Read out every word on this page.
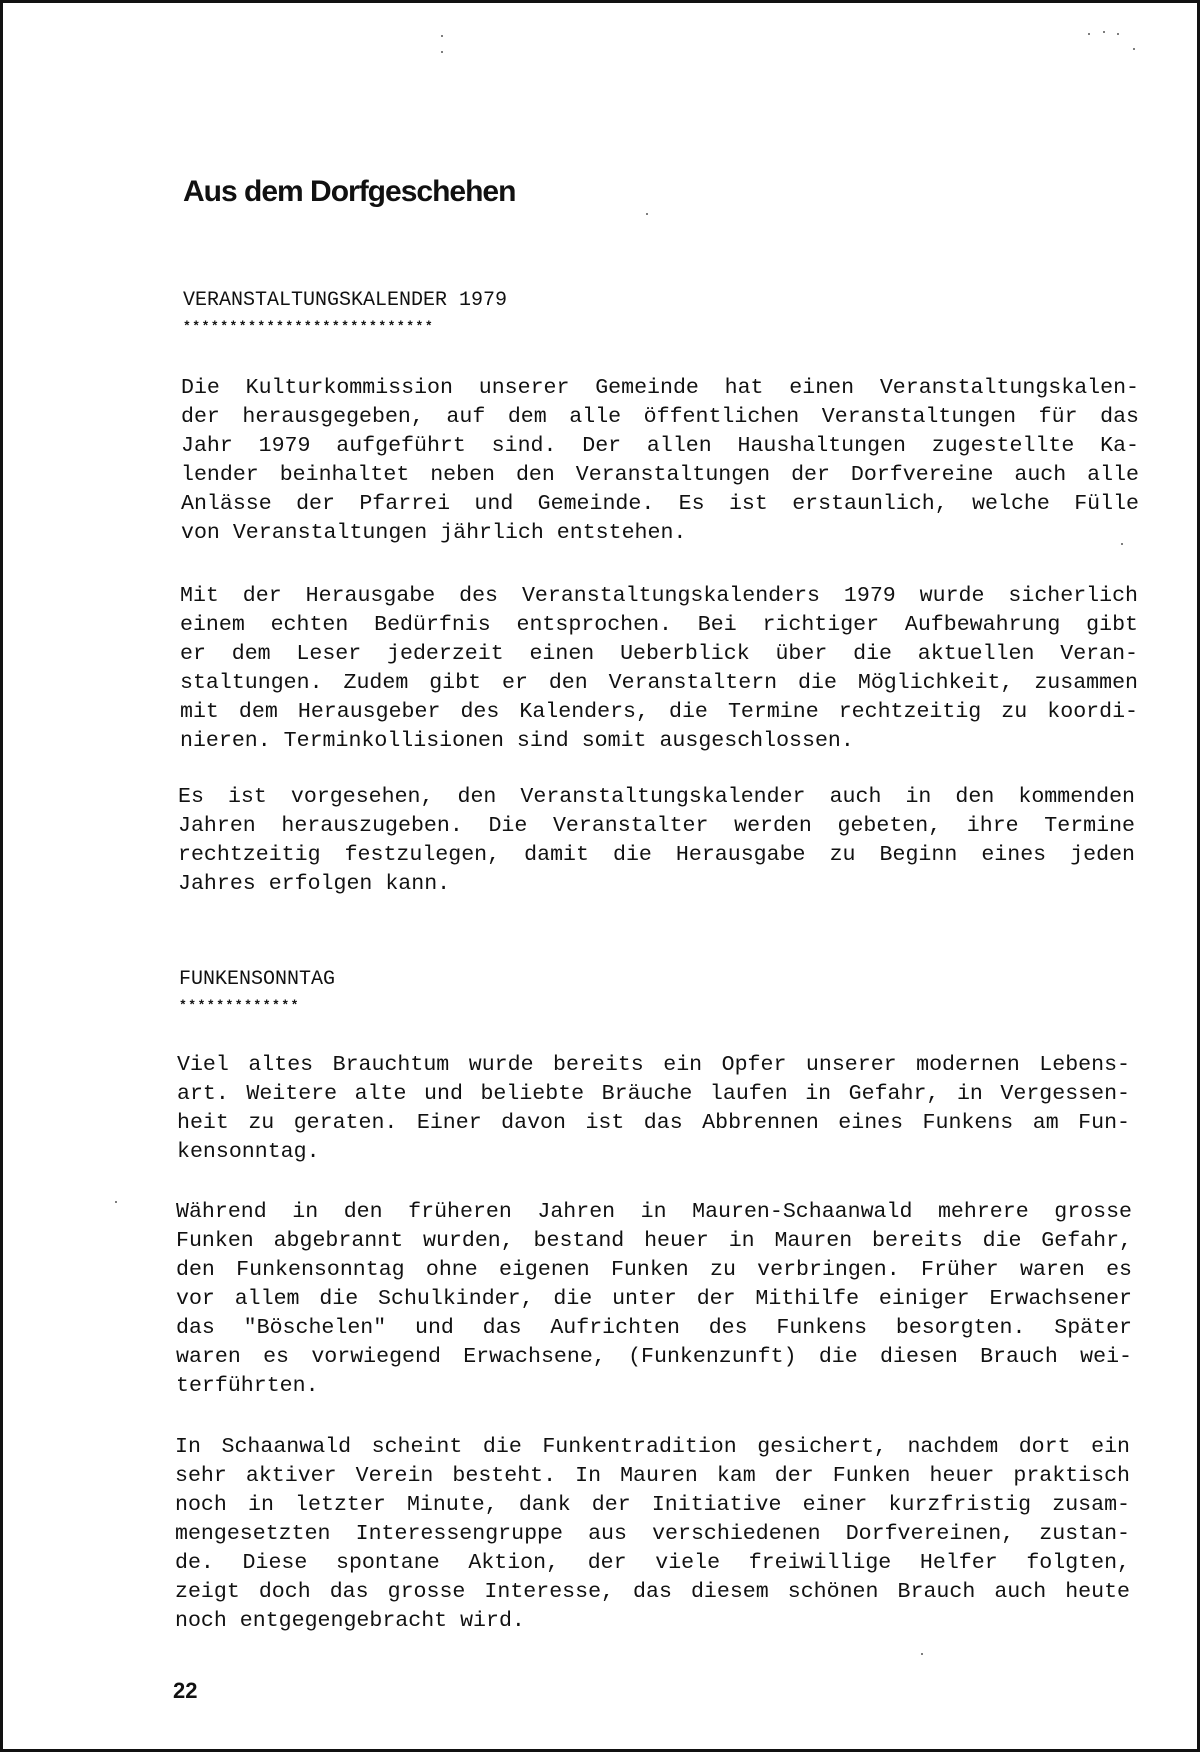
Aus dem Dorfgeschehen
VERANSTALTUNGSKALENDER 1979
***************************
Die Kulturkommission unserer Gemeinde hat einen Veranstaltungskalen-
der herausgegeben, auf dem alle öffentlichen Veranstaltungen für das
Jahr 1979 aufgeführt sind. Der allen Haushaltungen zugestellte Ka-
lender beinhaltet neben den Veranstaltungen der Dorfvereine auch alle
Anlässe der Pfarrei und Gemeinde. Es ist erstaunlich, welche Fülle
von Veranstaltungen jährlich entstehen.
Mit der Herausgabe des Veranstaltungskalenders 1979 wurde sicherlich
einem echten Bedürfnis entsprochen. Bei richtiger Aufbewahrung gibt
er dem Leser jederzeit einen Ueberblick über die aktuellen Veran-
staltungen. Zudem gibt er den Veranstaltern die Möglichkeit, zusammen
mit dem Herausgeber des Kalenders, die Termine rechtzeitig zu koordi-
nieren. Terminkollisionen sind somit ausgeschlossen.
Es ist vorgesehen, den Veranstaltungskalender auch in den kommenden
Jahren herauszugeben. Die Veranstalter werden gebeten, ihre Termine
rechtzeitig festzulegen, damit die Herausgabe zu Beginn eines jeden
Jahres erfolgen kann.
FUNKENSONNTAG
*************
Viel altes Brauchtum wurde bereits ein Opfer unserer modernen Lebens-
art. Weitere alte und beliebte Bräuche laufen in Gefahr, in Vergessen-
heit zu geraten. Einer davon ist das Abbrennen eines Funkens am Fun-
kensonntag.
Während in den früheren Jahren in Mauren-Schaanwald mehrere grosse
Funken abgebrannt wurden, bestand heuer in Mauren bereits die Gefahr,
den Funkensonntag ohne eigenen Funken zu verbringen. Früher waren es
vor allem die Schulkinder, die unter der Mithilfe einiger Erwachsener
das "Böschelen" und das Aufrichten des Funkens besorgten. Später
waren es vorwiegend Erwachsene, (Funkenzunft) die diesen Brauch wei-
terführten.
In Schaanwald scheint die Funkentradition gesichert, nachdem dort ein
sehr aktiver Verein besteht. In Mauren kam der Funken heuer praktisch
noch in letzter Minute, dank der Initiative einer kurzfristig zusam-
mengesetzten Interessengruppe aus verschiedenen Dorfvereinen, zustan-
de. Diese spontane Aktion, der viele freiwillige Helfer folgten,
zeigt doch das grosse Interesse, das diesem schönen Brauch auch heute
noch entgegengebracht wird.
22
